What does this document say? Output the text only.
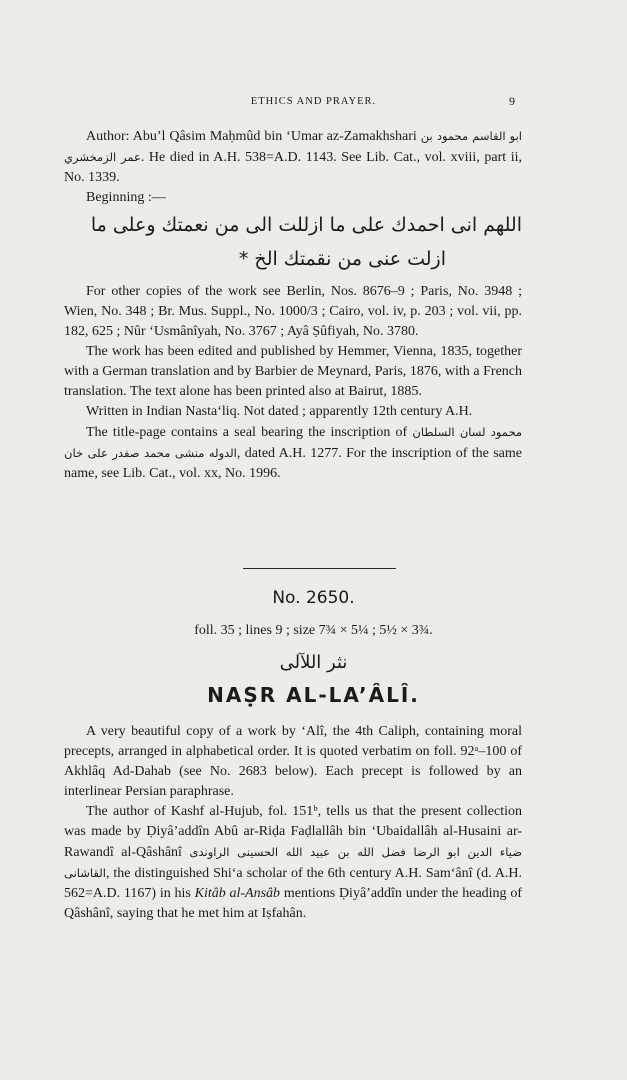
ETHICS AND PRAYER.	9

Author: Abu’l Qâsim Maḥmûd bin ‘Umar az-Zamakhshari ابو القاسم محمود بن عمر الزمخشري. He died in A.H. 538=A.D. 1143. See Lib. Cat., vol. xviii, part ii, No. 1339.

Beginning :—

اللهم انی احمدك على ما ازللت الى من نعمتك وعلى ما

ازلت عنى من نقمتك الخ *

For other copies of the work see Berlin, Nos. 8676–9 ; Paris, No. 3948 ; Wien, No. 348 ; Br. Mus. Suppl., No. 1000/3 ; Cairo, vol. iv, p. 203 ; vol. vii, pp. 182, 625 ; Nûr ‘Usmânîyah, No. 3767 ; Ayâ Ṣûfiyah, No. 3780.

The work has been edited and published by Hemmer, Vienna, 1835, together with a German translation and by Barbier de Meynard, Paris, 1876, with a French translation. The text alone has been printed also at Bairut, 1885.

Written in Indian Nasta‘liq. Not dated ; apparently 12th century A.H.

The title-page contains a seal bearing the inscription of لسان السلطان محمود الدوله منشی محمد صفدر علی خان, dated A.H. 1277. For the inscription of the same name, see Lib. Cat., vol. xx, No. 1996.

No. 2650.
foll. 35 ; lines 9 ; size 7¾ × 5¼ ; 5½ × 3¾.
نثر اللآلى
NAṢR AL-LA’ÂLÎ.

A very beautiful copy of a work by ‘Alî, the 4th Caliph, containing moral precepts, arranged in alphabetical order. It is quoted verbatim on foll. 92ᵃ–100 of Akhlâq Ad-Dahab (see No. 2683 below). Each precept is followed by an interlinear Persian paraphrase.

The author of Kashf al-Hujub, fol. 151ᵇ, tells us that the present collection was made by Ḍiyâ’addîn Abû ar-Riḍa Faḍlallâh bin ‘Ubaidallâh al-Husaini ar-Rawandî al-Qâshânî ضياء الدين ابو الرضا فضل الله بن عبيد الله الحسينى الراوندى القاشانى, the distinguished Shi‘a scholar of the 6th century A.H. Sam‘ânî (d. A.H. 562=A.D. 1167) in his Kitâb al-Ansâb mentions Ḍiyâ’addîn under the heading of Qâshânî, saying that he met him at Iṣfahân.
